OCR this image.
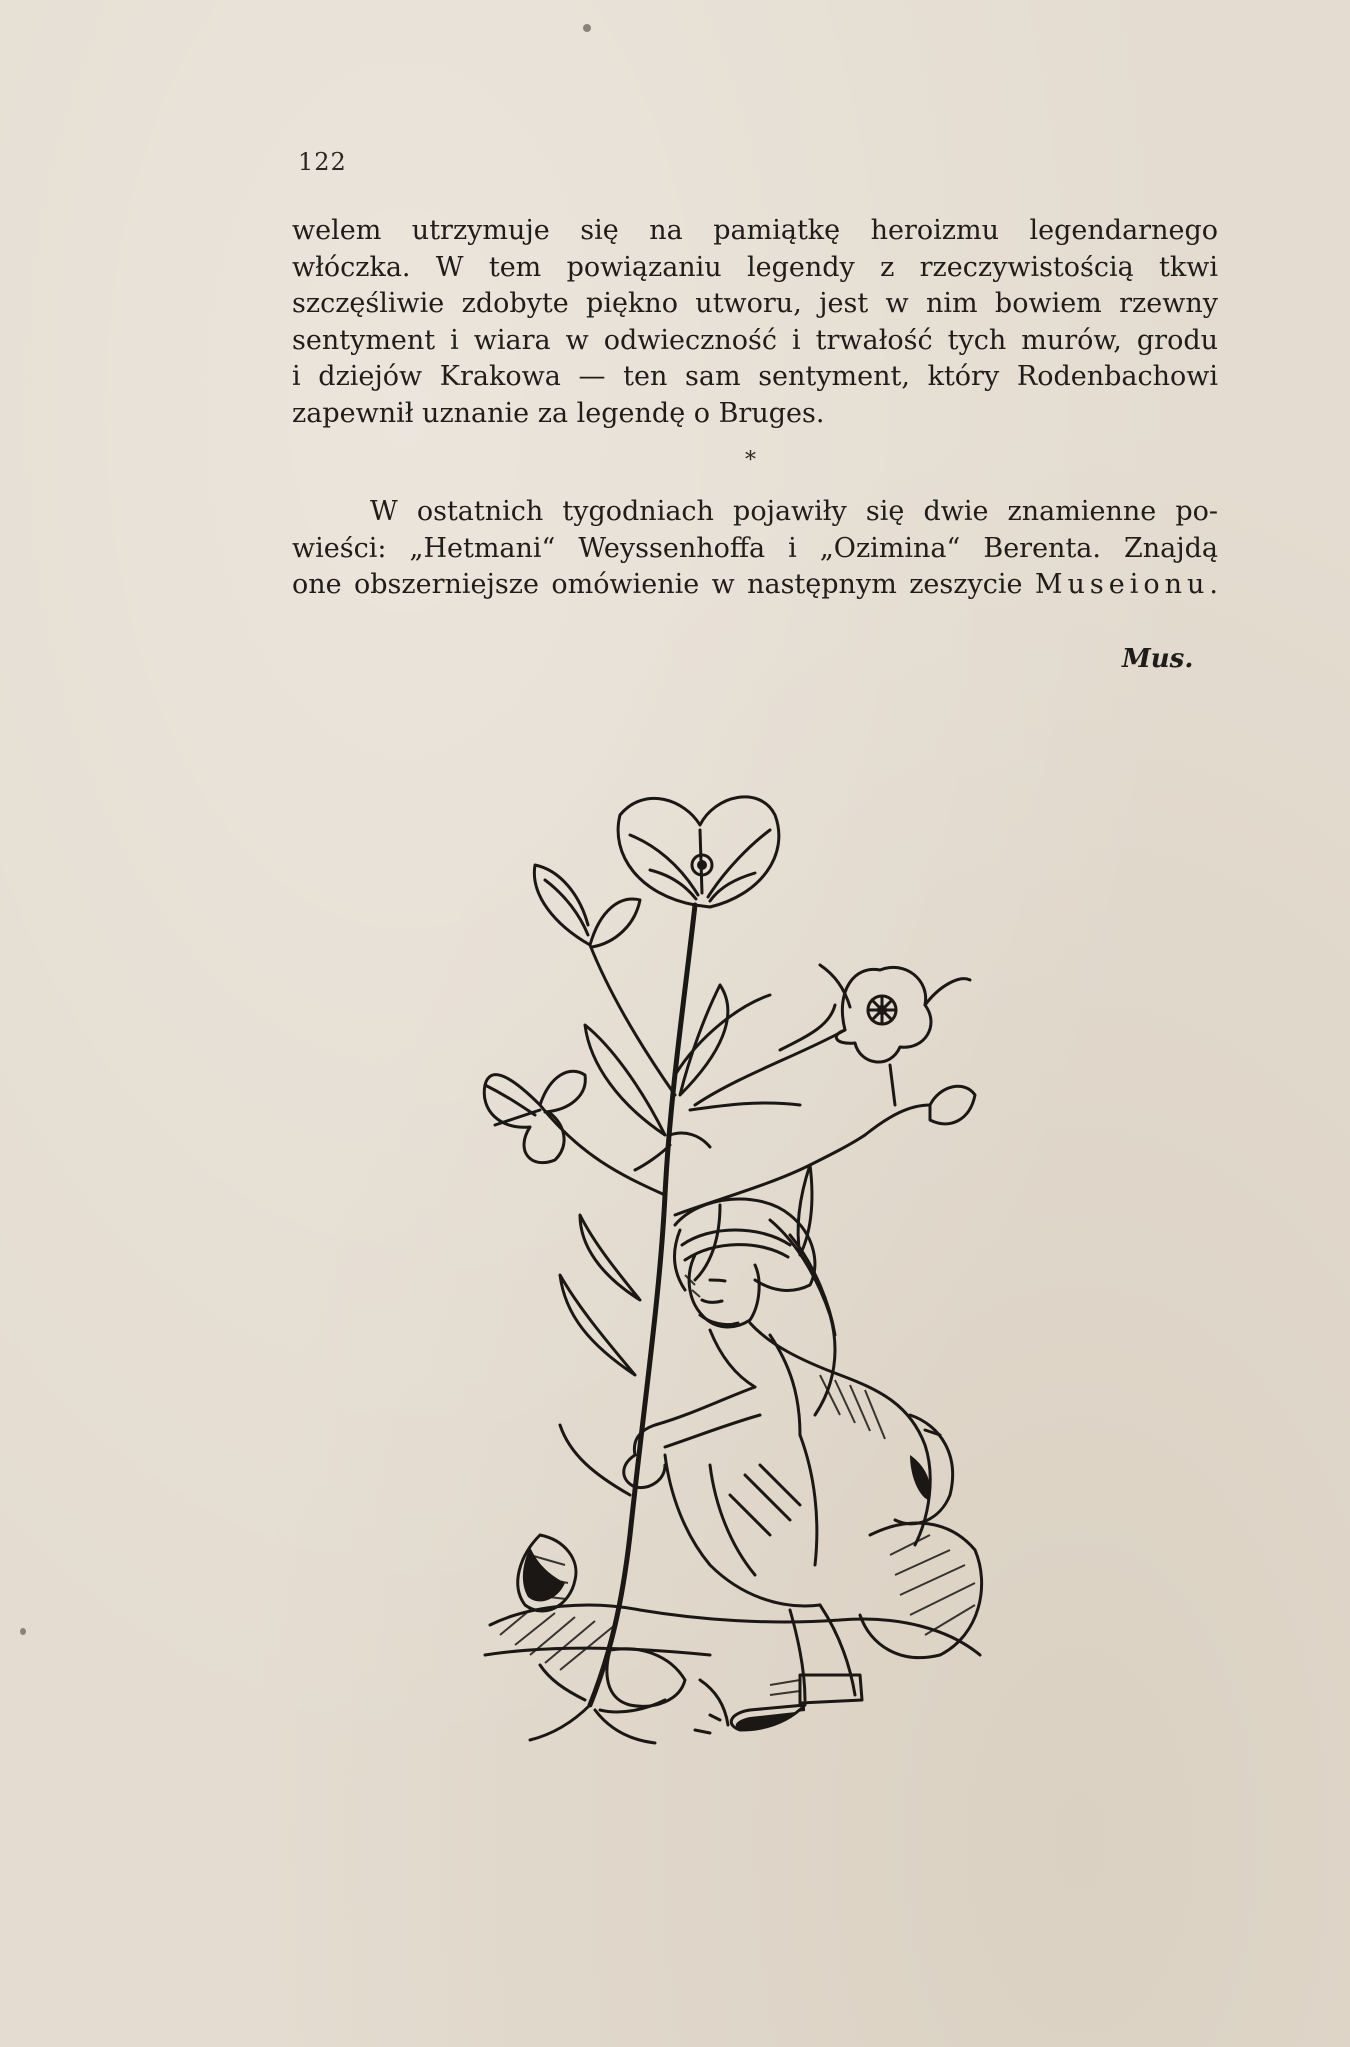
122
welem utrzymuje się na pamiątkę heroizmu legendarnego
włóczka. W tem powiązaniu legendy z rzeczywistością tkwi
szczęśliwie zdobyte piękno utworu, jest w nim bowiem rzewny
sentyment i wiara w odwieczność i trwałość tych murów, grodu
i dziejów Krakowa — ten sam sentyment, który Rodenbachowi
zapewnił uznanie za legendę o Bruges.
*
W ostatnich tygodniach pojawiły się dwie znamienne po-
wieści: „Hetmani“ Weyssenhoffa i „Ozimina“ Berenta. Znajdą
one obszerniejsze omówienie w następnym zeszycie Museionu.
Mus.
